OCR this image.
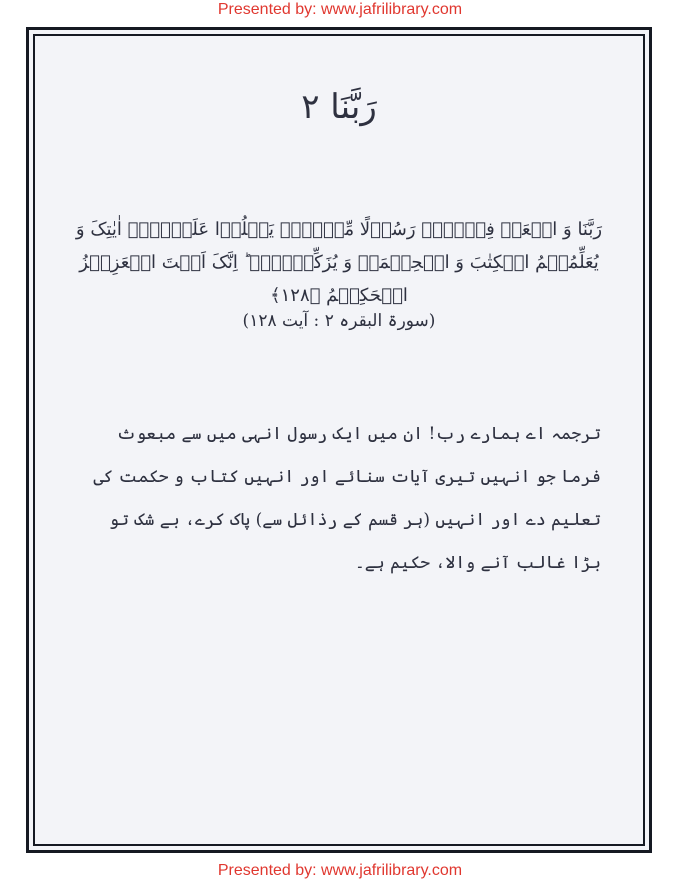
Presented by: www.jafrilibrary.com
رَبَّنَا ۲
رَبَّنَا وَ ابۡعَثۡ فِیۡہِمۡ رَسُوۡلًا مِّنۡہُمۡ یَتۡلُوۡا عَلَیۡہِمۡ اٰیٰتِکَ وَ یُعَلِّمُہُمُ الۡکِتٰبَ وَ الۡحِکۡمَۃَ وَ یُزَکِّیۡہِمۡ ؕ اِنَّکَ اَنۡتَ الۡعَزِیۡزُ الۡحَکِیۡمُ ﴿۱۲۸﴾
(سورۃ البقرہ ۲ : آیت ۱۲۸)
ترجمہ اے ہمارے رب! ان میں ایک رسول انہی میں سے مبعوث فرما جو انہیں تیری آیات سنائے اور انہیں کتاب و حکمت کی تعلیم دے اور انہیں (ہر قسم کے رذائل سے) پاک کرے، بے شک تو بڑا غالب آنے والا، حکیم ہے۔
Presented by: www.jafrilibrary.com
